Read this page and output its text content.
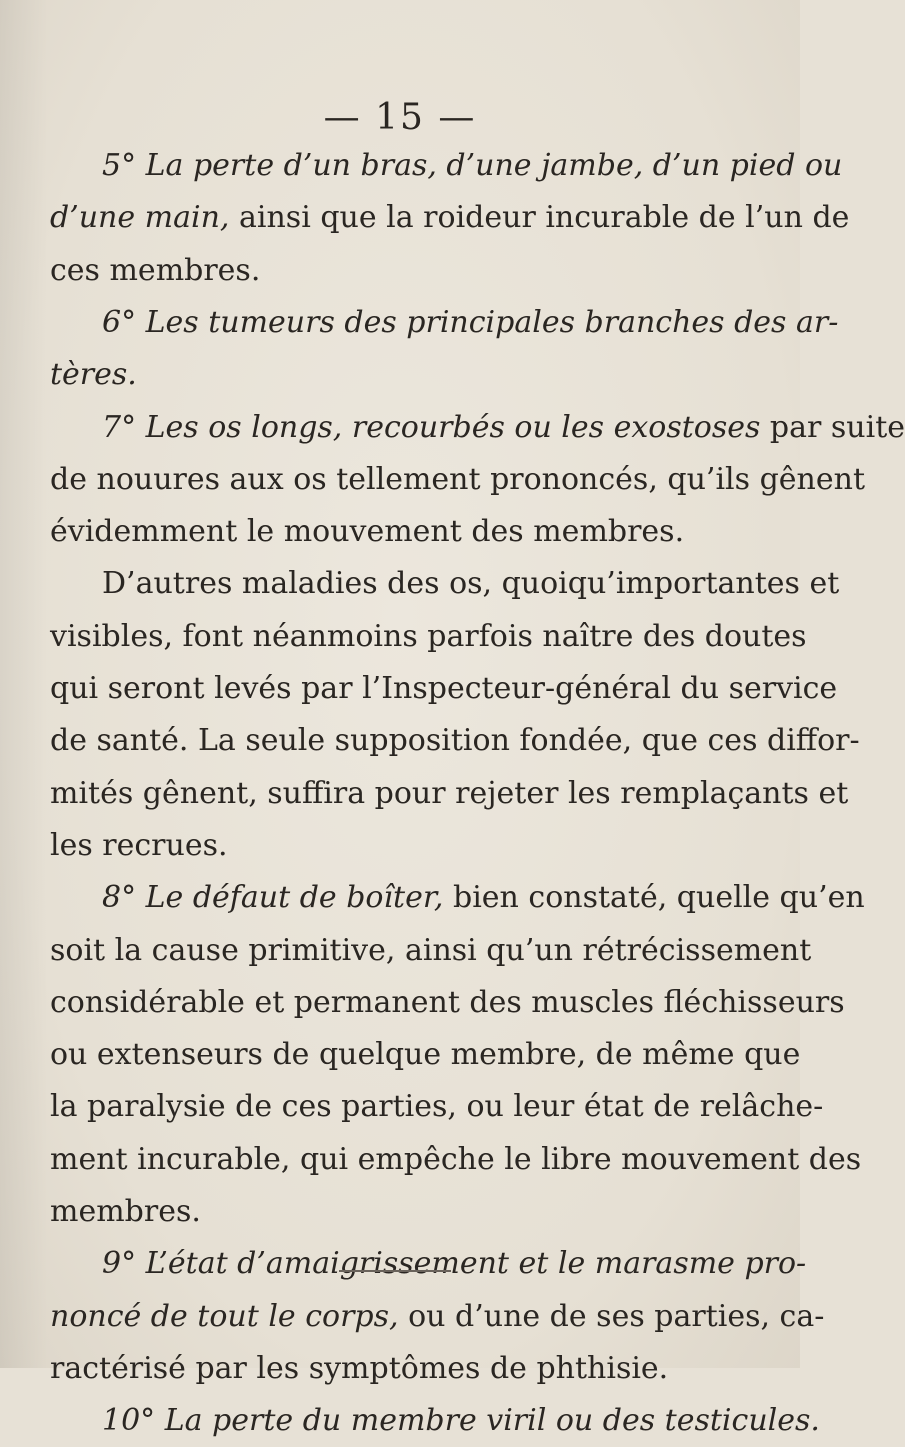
— 15 —
5° La perte d’un bras, d’une jambe, d’un pied ou
d’une main, ainsi que la roideur incurable de l’un de
ces membres.
6° Les tumeurs des principales branches des ar-
tères.
7° Les os longs, recourbés ou les exostoses par suite
de nouures aux os tellement prononcés, qu’ils gênent
évidemment le mouvement des membres.
D’autres maladies des os, quoiqu’importantes et
visibles, font néanmoins parfois naître des doutes
qui seront levés par l’Inspecteur-général du service
de santé. La seule supposition fondée, que ces diffor-
mités gênent, suffira pour rejeter les remplaçants et
les recrues.
8° Le défaut de boîter, bien constaté, quelle qu’en
soit la cause primitive, ainsi qu’un rétrécissement
considérable et permanent des muscles fléchisseurs
ou extenseurs de quelque membre, de même que
la paralysie de ces parties, ou leur état de relâche-
ment incurable, qui empêche le libre mouvement des
membres.
9° L’état d’amaigrissement et le marasme pro-
noncé de tout le corps, ou d’une de ses parties, ca-
ractérisé par les symptômes de phthisie.
10° La perte du membre viril ou des testicules.
